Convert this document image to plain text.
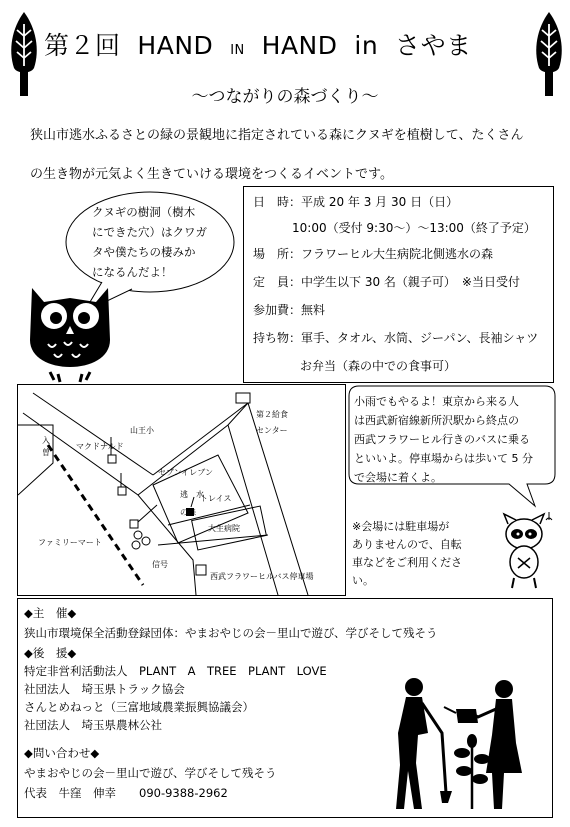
第２回 HAND IN HAND in さやま
～つながりの森づくり～
狭山市逃水ふるさとの緑の景観地に指定されている森にクヌギを植樹して、たくさん
の生き物が元気よく生きていける環境をつくるイベントです。
クヌギの樹洞（樹木
にできた穴）はクワガ
タや僕たちの棲みか
になるんだよ！
日　時：平成 20 年 3 月 30 日（日）
10:00（受付 9:30～）～13:00（終了予定）
場　所：フラワーヒル大生病院北側逃水の森
定　員：中学生以下 30 名（親子可）　※当日受付
参加費：無料
持ち物：軍手、タオル、水筒、ジーパン、長袖シャツ
お弁当（森の中での食事可）
山王小
第２給食
センター
マクドナルド
セブンイレブン
逃　水
の森
トレイス
大生病院
ファミリーマート
信号
西武フラワーヒルバス停車場
入
曽
小雨でもやるよ！東京から来る人
は西武新宿線新所沢駅から終点の
西武フラワーヒル行きのバスに乗る
といいよ。停車場からは歩いて 5 分
で会場に着くよ。
※会場には駐車場が
ありませんので、自転
車などをご利用くださ
い。
◆主　催◆
狭山市環境保全活動登録団体：やまおやじの会－里山で遊び、学びそして残そう
◆後　援◆
特定非営利活動法人　PLANT　A　TREE　PLANT　LOVE
社団法人　埼玉県トラック協会
さんとめねっと（三富地域農業振興協議会）
社団法人　埼玉県農林公社
◆問い合わせ◆
やまおやじの会－里山で遊び、学びそして残そう
代表　牛窪　伸幸　　090-9388-2962
